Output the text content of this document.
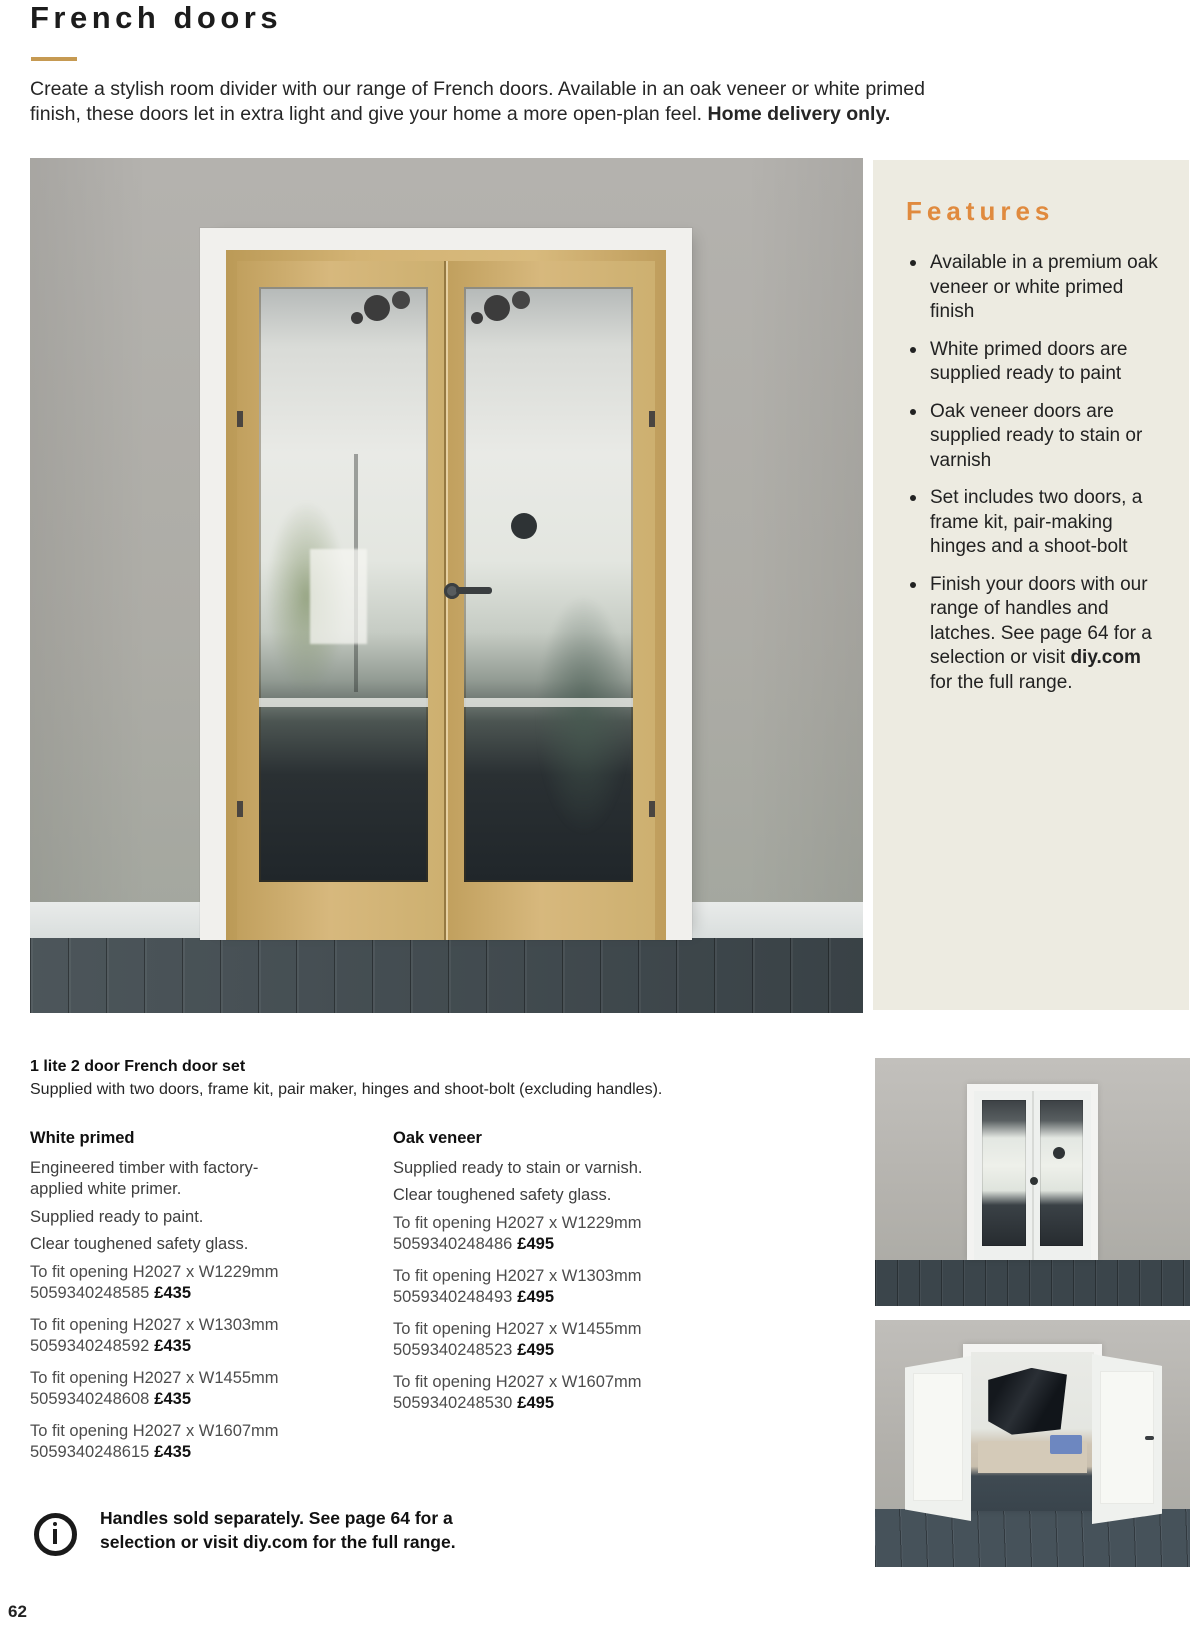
French doors
Create a stylish room divider with our range of French doors. Available in an oak veneer or white primed finish, these doors let in extra light and give your home a more open-plan feel. Home delivery only.
Features
Available in a premium oak veneer or white primed finish
White primed doors are supplied ready to paint
Oak veneer doors are supplied ready to stain or varnish
Set includes two doors, a frame kit, pair-making hinges and a shoot-bolt
Finish your doors with our range of handles and latches. See page 64 for a selection or visit diy.com for the full range.
1 lite 2 door French door set
Supplied with two doors, frame kit, pair maker, hinges and shoot-bolt (excluding handles).

White primed

Engineered timber with factory-applied white primer.

Supplied ready to paint.

Clear toughened safety glass.

To fit opening H2027 x W1229mm
5059340248585 £435
To fit opening H2027 x W1303mm
5059340248592 £435
To fit opening H2027 x W1455mm
5059340248608 £435
To fit opening H2027 x W1607mm
5059340248615 £435

Oak veneer

Supplied ready to stain or varnish.

Clear toughened safety glass.

To fit opening H2027 x W1229mm
5059340248486 £495
To fit opening H2027 x W1303mm
5059340248493 £495
To fit opening H2027 x W1455mm
5059340248523 £495
To fit opening H2027 x W1607mm
5059340248530 £495
Handles sold separately. See page 64 for a selection or visit diy.com for the full range.
62
